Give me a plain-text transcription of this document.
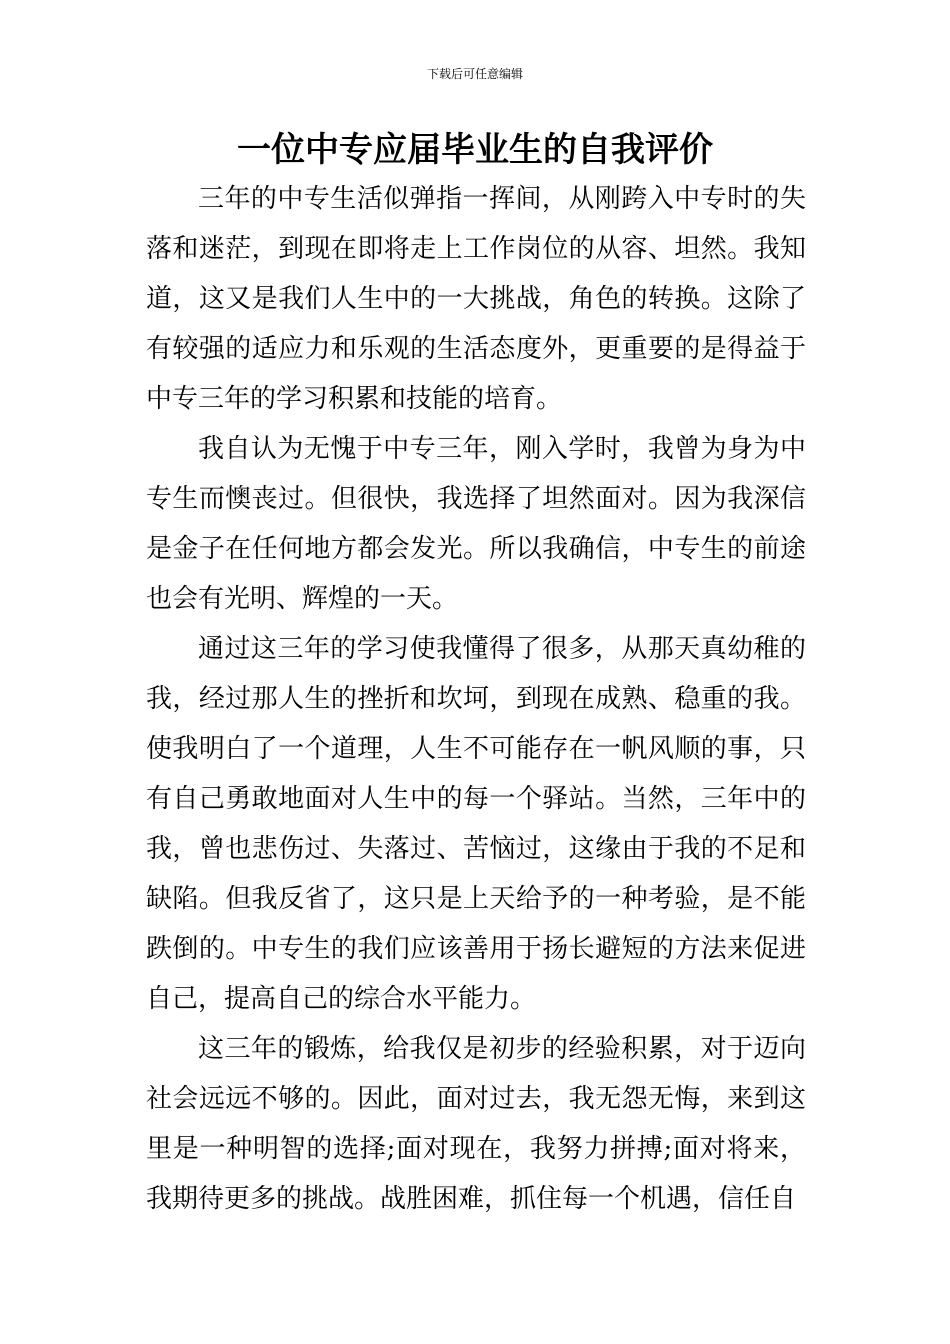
下载后可任意编辑
一位中专应届毕业生的自我评价

三年的中专生活似弹指一挥间，从刚跨入中专时的失落和迷茫，到现在即将走上工作岗位的从容、坦然。我知道，这又是我们人生中的一大挑战，角色的转换。这除了有较强的适应力和乐观的生活态度外，更重要的是得益于中专三年的学习积累和技能的培育。

我自认为无愧于中专三年，刚入学时，我曾为身为中专生而懊丧过。但很快，我选择了坦然面对。因为我深信是金子在任何地方都会发光。所以我确信，中专生的前途也会有光明、辉煌的一天。

通过这三年的学习使我懂得了很多，从那天真幼稚的我，经过那人生的挫折和坎坷，到现在成熟、稳重的我。使我明白了一个道理，人生不可能存在一帆风顺的事，只有自己勇敢地面对人生中的每一个驿站。当然，三年中的我，曾也悲伤过、失落过、苦恼过，这缘由于我的不足和缺陷。但我反省了，这只是上天给予的一种考验，是不能跌倒的。中专生的我们应该善用于扬长避短的方法来促进自己，提高自己的综合水平能力。

这三年的锻炼，给我仅是初步的经验积累，对于迈向社会远远不够的。因此，面对过去，我无怨无悔，来到这里是一种明智的选择;面对现在，我努力拼搏;面对将来，我期待更多的挑战。战胜困难，抓住每一个机遇，信任自
